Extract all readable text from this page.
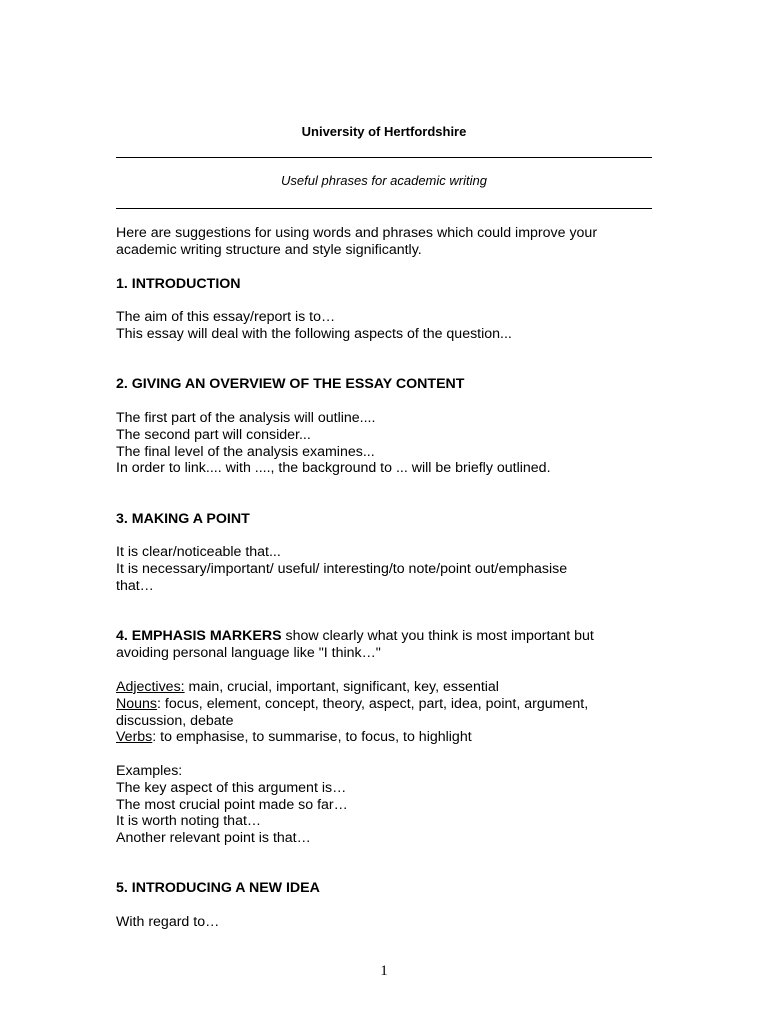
University of Hertfordshire
Useful phrases for academic writing
Here are suggestions for using words and phrases which could improve your
academic writing structure and style significantly.
1. INTRODUCTION
The aim of this essay/report is to…
This essay will deal with the following aspects of the question...
2. GIVING AN OVERVIEW OF THE ESSAY CONTENT
The first part of the analysis will outline....
The second part will consider...
The final level of the analysis examines...
In order to link.... with ...., the background to ... will be briefly outlined.
3. MAKING A POINT
It is clear/noticeable that...
It is necessary/important/ useful/ interesting/to note/point out/emphasise
that…
4. EMPHASIS MARKERS show clearly what you think is most important but
avoiding personal language like "I think…"
Adjectives: main, crucial, important, significant, key, essential
Nouns: focus, element, concept, theory, aspect, part, idea, point, argument,
discussion, debate
Verbs: to emphasise, to summarise, to focus, to highlight
Examples:
The key aspect of this argument is…
The most crucial point made so far…
It is worth noting that…
Another relevant point is that…
5. INTRODUCING A NEW IDEA
With regard to…
1
